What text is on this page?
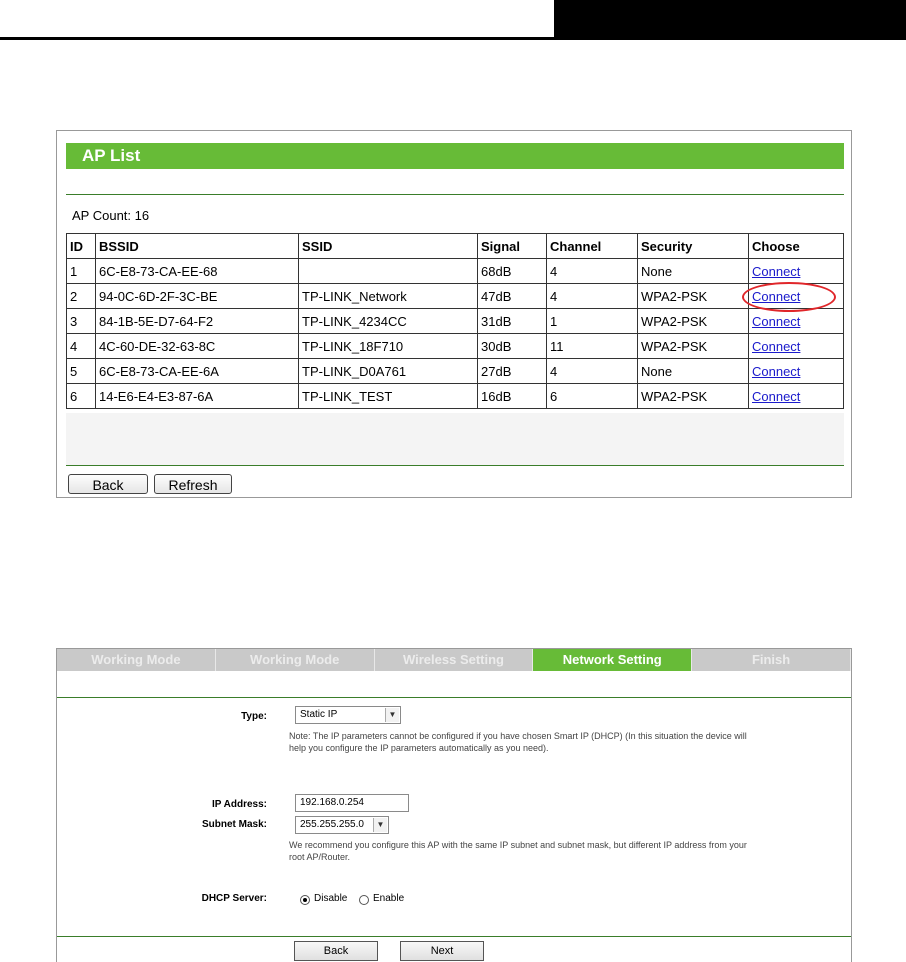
AP List
AP Count: 16
ID	BSSID	SSID	Signal	Channel	Security	Choose
1	6C-E8-73-CA-EE-68		68dB	4	None	Connect
2	94-0C-6D-2F-3C-BE	TP-LINK_Network	47dB	4	WPA2-PSK	Connect
3	84-1B-5E-D7-64-F2	TP-LINK_4234CC	31dB	1	WPA2-PSK	Connect
4	4C-60-DE-32-63-8C	TP-LINK_18F710	30dB	11	WPA2-PSK	Connect
5	6C-E8-73-CA-EE-6A	TP-LINK_D0A761	27dB	4	None	Connect
6	14-E6-E4-E3-87-6A	TP-LINK_TEST	16dB	6	WPA2-PSK	Connect
Back	Refresh
Working Mode	Working Mode	Wireless Setting	Network Setting	Finish
Type:	Static IP	▼
Note: The IP parameters cannot be configured if you have chosen Smart IP (DHCP) (In this situation the device will help you configure the IP parameters automatically as you need).
IP Address:	192.168.0.254
Subnet Mask:	255.255.255.0	▼
We recommend you configure this AP with the same IP subnet and subnet mask, but different IP address from your root AP/Router.
DHCP Server:	Disable	Enable
Back	Next
